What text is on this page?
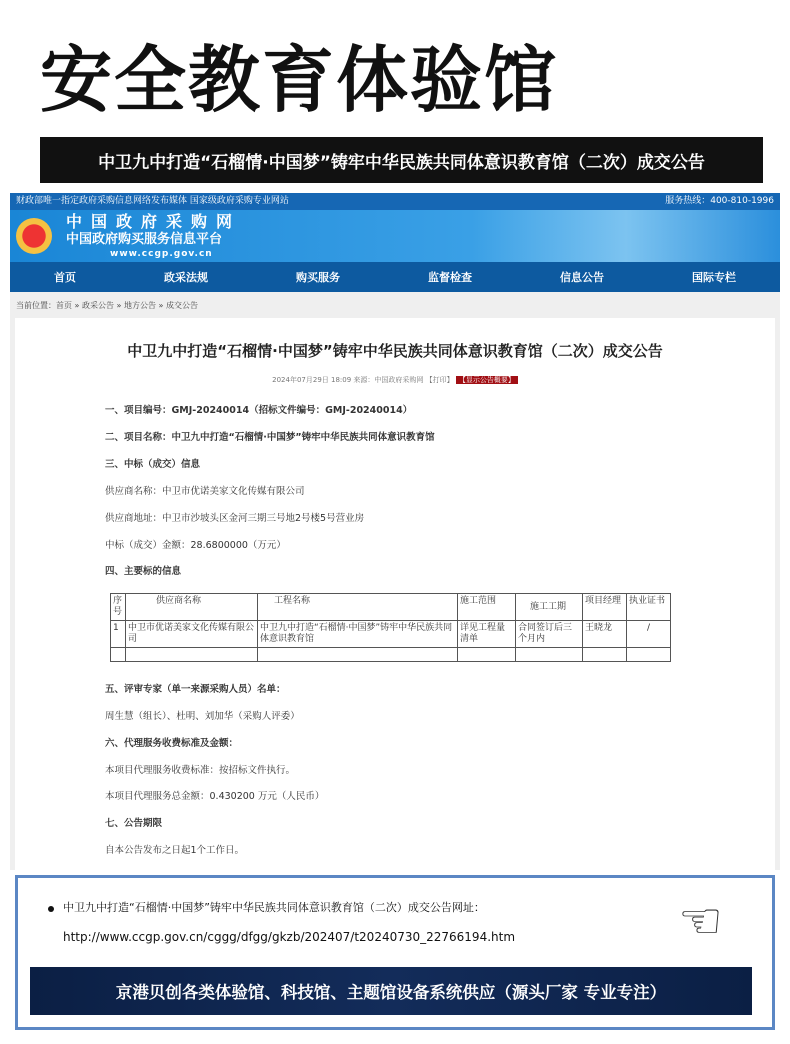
安全教育体验馆
中卫九中打造“石榴情·中国梦”铸牢中华民族共同体意识教育馆（二次）成交公告
财政部唯一指定政府采购信息网络发布媒体 国家级政府采购专业网站	服务热线：400-810-1996
中国政府采购网
中国政府购买服务信息平台
www.ccgp.gov.cn
首页	政采法规	购买服务	监督检查	信息公告	国际专栏
当前位置：首页 » 政采公告 » 地方公告 » 成交公告
中卫九中打造“石榴情·中国梦”铸牢中华民族共同体意识教育馆（二次）成交公告
2024年07月29日 18:09 来源：中国政府采购网 【打印】 【显示公告概要】
一、项目编号：GMJ-20240014（招标文件编号：GMJ-20240014）
二、项目名称：中卫九中打造“石榴情·中国梦”铸牢中华民族共同体意识教育馆
三、中标（成交）信息
供应商名称：中卫市优诺美家文化传媒有限公司
供应商地址：中卫市沙坡头区金河三期三号地2号楼5号营业房
中标（成交）金额：28.6800000（万元）
四、主要标的信息
序号	供应商名称	工程名称	施工范围	施工工期	项目经理	执业证书
1	中卫市优诺美家文化传媒有限公司	中卫九中打造“石榴情·中国梦”铸牢中华民族共同体意识教育馆	详见工程量清单	合同签订后三个月内	王晓龙	/

五、评审专家（单一来源采购人员）名单：
周生慧（组长）、杜明、刘加华（采购人评委）
六、代理服务收费标准及金额：
本项目代理服务收费标准：按招标文件执行。
本项目代理服务总金额：0.430200 万元（人民币）
七、公告期限
自本公告发布之日起1个工作日。
中卫九中打造“石榴情·中国梦”铸牢中华民族共同体意识教育馆（二次）成交公告网址：
http://www.ccgp.gov.cn/cggg/dfgg/gkzb/202407/t20240730_22766194.htm	☜
京港贝创各类体验馆、科技馆、主题馆设备系统供应（源头厂家 专业专注）
